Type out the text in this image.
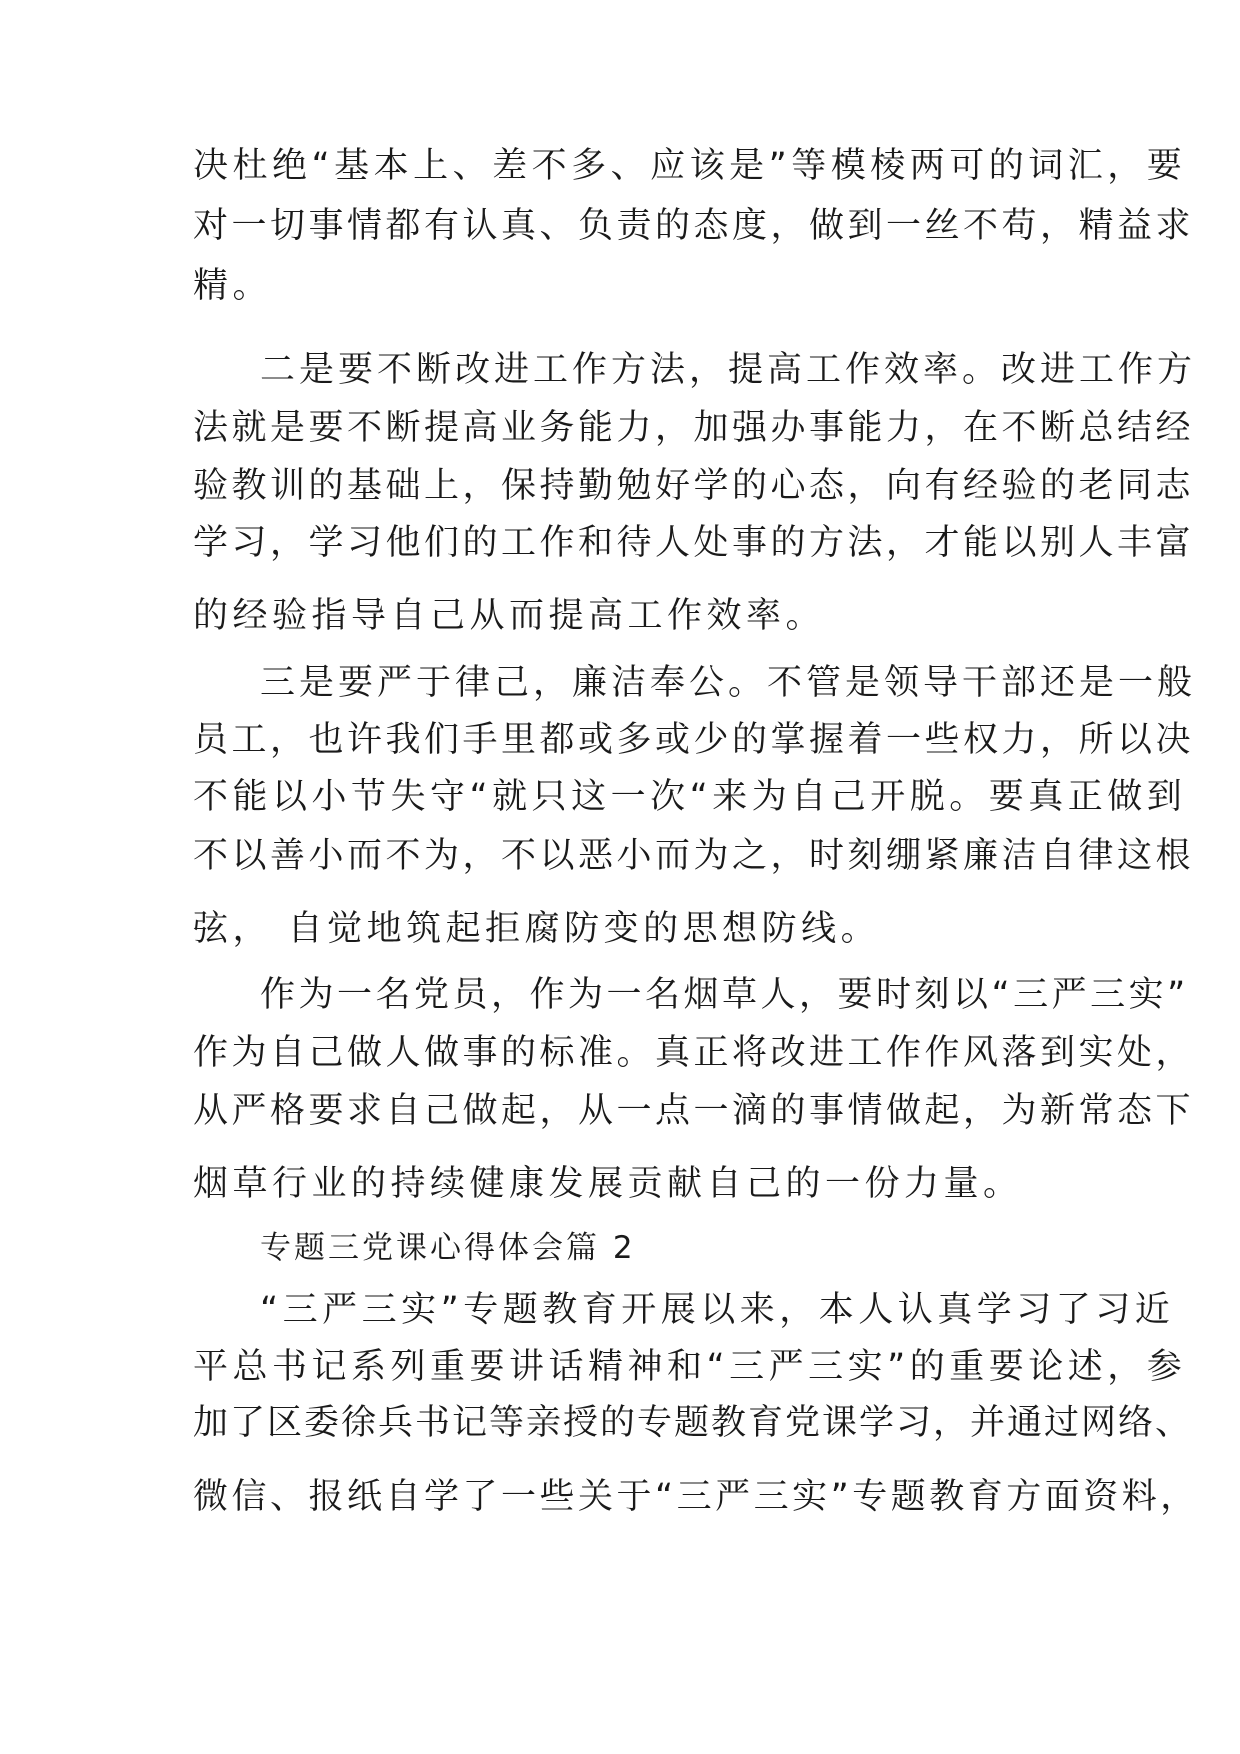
决杜绝“基本上、差不多、应该是”等模棱两可的词汇，要
对一切事情都有认真、负责的态度，做到一丝不苟，精益求
精。
二是要不断改进工作方法，提高工作效率。改进工作方
法就是要不断提高业务能力，加强办事能力，在不断总结经
验教训的基础上，保持勤勉好学的心态，向有经验的老同志
学习，学习他们的工作和待人处事的方法，才能以别人丰富
的经验指导自己从而提高工作效率。
三是要严于律己，廉洁奉公。不管是领导干部还是一般
员工，也许我们手里都或多或少的掌握着一些权力，所以决
不能以小节失守“就只这一次“来为自己开脱。要真正做到
不以善小而不为，不以恶小而为之，时刻绷紧廉洁自律这根
弦， 自觉地筑起拒腐防变的思想防线。
作为一名党员，作为一名烟草人，要时刻以“三严三实”
作为自己做人做事的标准。真正将改进工作作风落到实处，
从严格要求自己做起，从一点一滴的事情做起，为新常态下
烟草行业的持续健康发展贡献自己的一份力量。
专题三党课心得体会篇 2
“三严三实”专题教育开展以来，本人认真学习了习近
平总书记系列重要讲话精神和“三严三实”的重要论述，参
加了区委徐兵书记等亲授的专题教育党课学习，并通过网络、
微信、报纸自学了一些关于“三严三实”专题教育方面资料，
